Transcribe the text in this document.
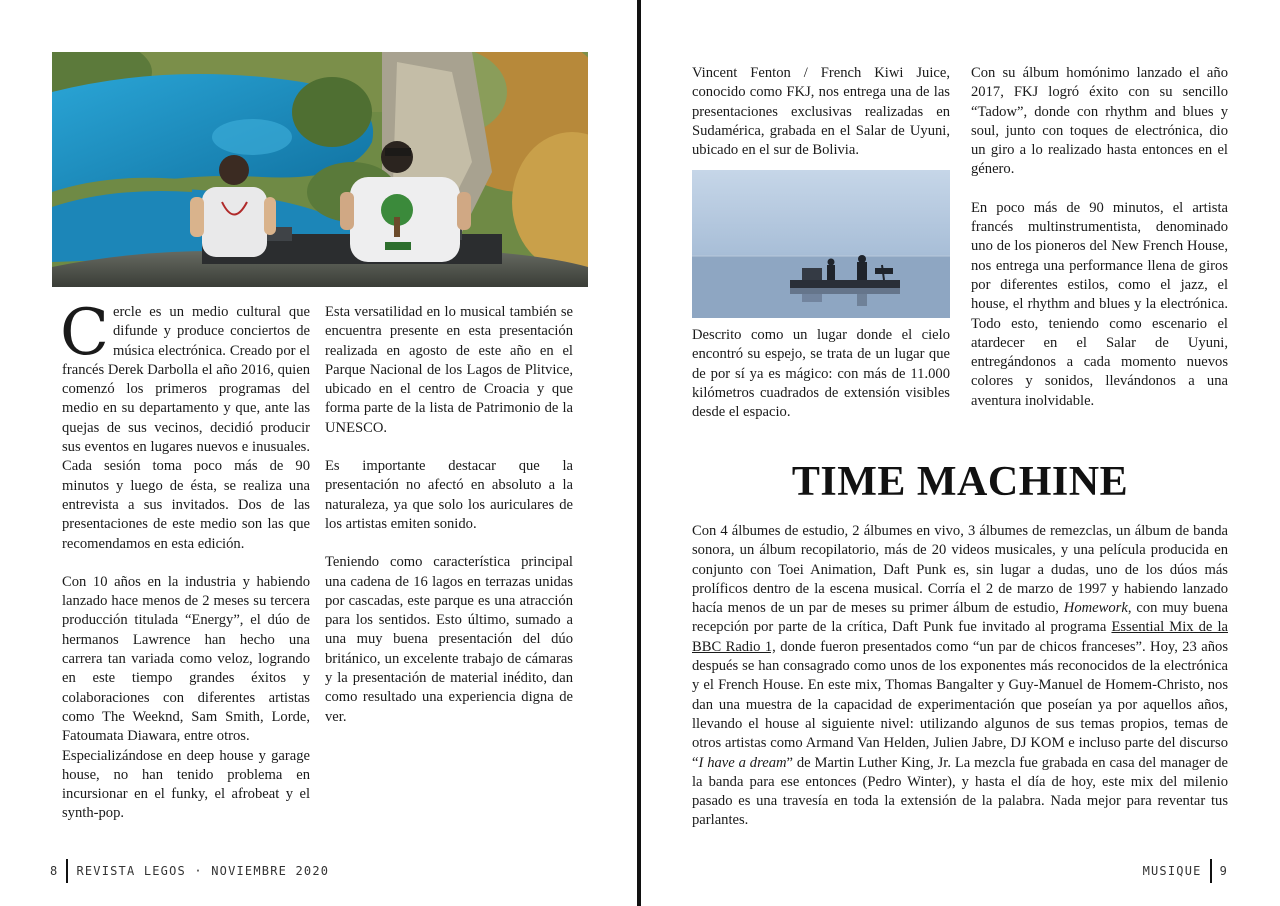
Cercle es un medio cultural que difunde y produce conciertos de música electrónica. Creado por el francés Derek Darbolla el año 2016, quien comenzó los primeros programas del medio en su departamento y que, ante las quejas de sus vecinos, decidió producir sus eventos en lugares nuevos e inusuales. Cada sesión toma poco más de 90 minutos y luego de ésta, se realiza una entrevista a sus invitados. Dos de las presentaciones de este medio son las que recomendamos en esta edición.

Con 10 años en la industria y habiendo lanzado hace menos de 2 meses su tercera producción titulada “Energy”, el dúo de hermanos Lawrence han hecho una carrera tan variada como veloz, logrando en este tiempo grandes éxitos y colaboraciones con diferentes artistas como The Weeknd, Sam Smith, Lorde, Fatoumata Diawara, entre otros.

Especializándose en deep house y garage house, no han tenido problema en incursionar en el funky, el afrobeat y el synth-pop.

Esta versatilidad en lo musical también se encuentra presente en esta presentación realizada en agosto de este año en el Parque Nacional de los Lagos de Plitvice, ubicado en el centro de Croacia y que forma parte de la lista de Patrimonio de la UNESCO.

Es importante destacar que la presentación no afectó en absoluto a la naturaleza, ya que solo los auriculares de los artistas emiten sonido.

Teniendo como característica principal una cadena de 16 lagos en terrazas unidas por cascadas, este parque es una atracción para los sentidos. Esto último, sumado a una muy buena presentación del dúo británico, un excelente trabajo de cámaras y la presentación de material inédito, dan como resultado una experiencia digna de ver.

8 REVISTA LEGOS · NOVIEMBRE 2020

Vincent Fenton / French Kiwi Juice, conocido como FKJ, nos entrega una de las presentaciones exclusivas realizadas en Sudamérica, grabada en el Salar de Uyuni, ubicado en el sur de Bolivia.

Descrito como un lugar donde el cielo encontró su espejo, se trata de un lugar que de por sí ya es mágico: con más de 11.000 kilómetros cuadrados de extensión visibles desde el espacio.

Con su álbum homónimo lanzado el año 2017, FKJ logró éxito con su sencillo “Tadow”, donde con rhythm and blues y soul, junto con toques de electrónica, dio un giro a lo realizado hasta entonces en el género.

En poco más de 90 minutos, el artista francés multinstrumentista, denominado uno de los pioneros del New French House, nos entrega una performance llena de giros por diferentes estilos, como el jazz, el house, el rhythm and blues y la electrónica. Todo esto, teniendo como escenario el atardecer en el Salar de Uyuni, entregándonos a cada momento nuevos colores y sonidos, llevándonos a una aventura inolvidable.

TIME MACHINE

Con 4 álbumes de estudio, 2 álbumes en vivo, 3 álbumes de remezclas, un álbum de banda sonora, un álbum recopilatorio, más de 20 videos musicales, y una película producida en conjunto con Toei Animation, Daft Punk es, sin lugar a dudas, uno de los dúos más prolíficos dentro de la escena musical. Corría el 2 de marzo de 1997 y habiendo lanzado hacía menos de un par de meses su primer álbum de estudio, Homework, con muy buena recepción por parte de la crítica, Daft Punk fue invitado al programa Essential Mix de la BBC Radio 1, donde fueron presentados como “un par de chicos franceses”. Hoy, 23 años después se han consagrado como unos de los exponentes más reconocidos de la electrónica y el French House. En este mix, Thomas Bangalter y Guy-Manuel de Homem-Christo, nos dan una muestra de la capacidad de experimentación que poseían ya por aquellos años, llevando el house al siguiente nivel: utilizando algunos de sus temas propios, temas de otros artistas como Armand Van Helden, Julien Jabre, DJ KOM e incluso parte del discurso “I have a dream” de Martin Luther King, Jr. La mezcla fue grabada en casa del manager de la banda para ese entonces (Pedro Winter), y hasta el día de hoy, este mix del milenio pasado es una travesía en toda la extensión de la palabra. Nada mejor para reventar tus parlantes.

MUSIQUE 9
